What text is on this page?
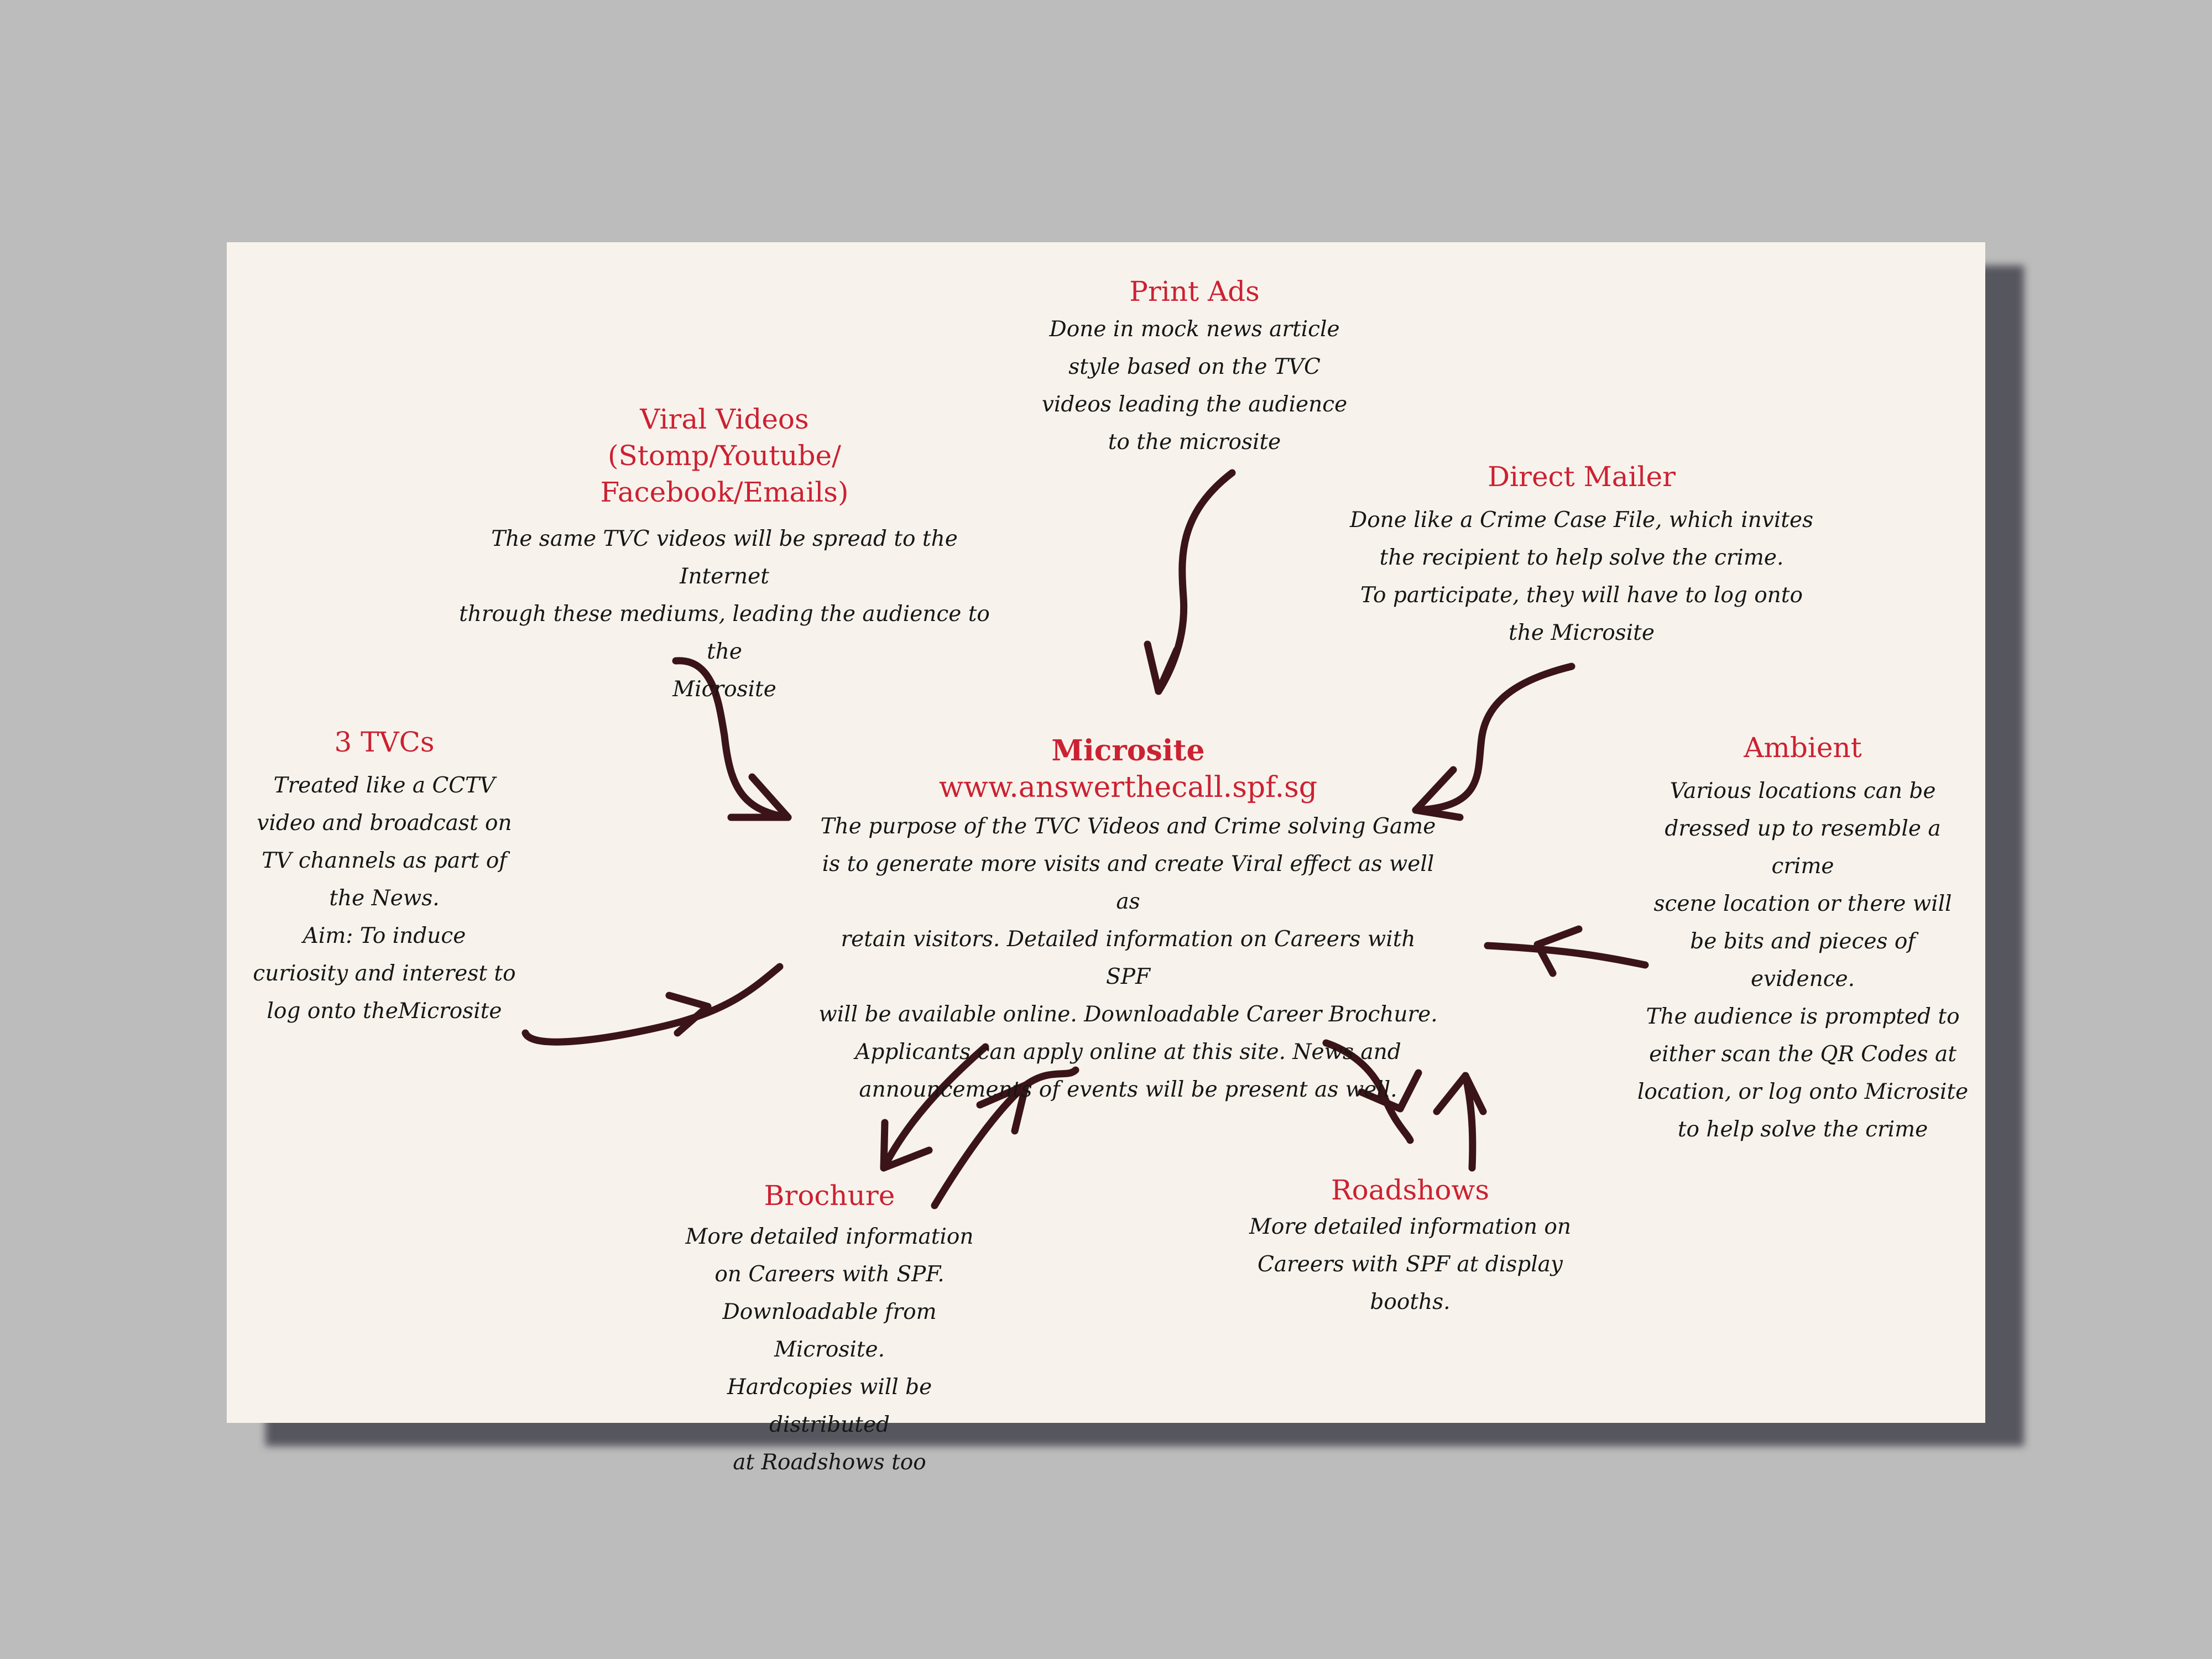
Print Ads
Done in mock news article
style based on the TVC
videos leading the audience
to the microsite
Viral Videos
(Stomp/Youtube/
Facebook/Emails)
The same TVC videos will be spread to the Internet
through these mediums, leading the audience to the
Microsite
Direct Mailer
Done like a Crime Case File, which invites
the recipient to help solve the crime.
To participate, they will have to log onto
the Microsite
3 TVCs
Treated like a CCTV
video and broadcast on
TV channels as part of
the News.
Aim: To induce
curiosity and interest to
log onto theMicrosite
Microsite
www.answerthecall.spf.sg
The purpose of the TVC Videos and Crime solving Game
is to generate more visits and create Viral effect as well as
retain visitors. Detailed information on Careers with SPF
will be available online. Downloadable Career Brochure.
Applicants can apply online at this site. News and
announcements of events will be present as well.
Ambient
Various locations can be
dressed up to resemble a crime
scene location or there will
be bits and pieces of evidence.
The audience is prompted to
either scan the QR Codes at
location, or log onto Microsite
to help solve the crime
Brochure
More detailed information
on Careers with SPF.
Downloadable from Microsite.
Hardcopies will be distributed
at Roadshows too
Roadshows
More detailed information on
Careers with SPF at display booths.
